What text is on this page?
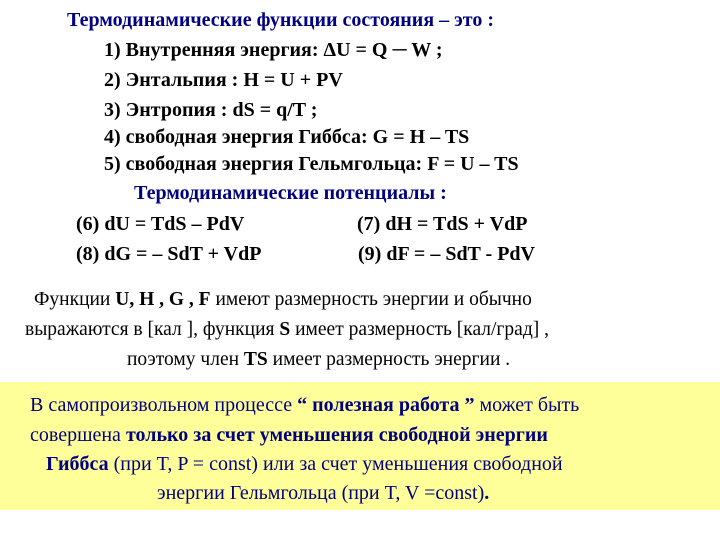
Термодинамические функции состояния – это :
1) Внутренняя энергия: ΔU = Q ─ W ;
2) Энтальпия : H = U + PV
3) Энтропия : dS = q/T ;
4) свободная энергия Гиббса: G = H – TS
5) свободная энергия Гельмгольца: F = U – TS
Термодинамические потенциалы :
(6) dU = TdS – PdV	(7) dH = TdS + VdP
(8) dG = – SdT + VdP	(9) dF = – SdT - PdV
Функции U, H , G , F имеют размерность энергии и обычно
выражаются в [кал ], функция S имеет размерность [кал/град] ,
поэтому член TS имеет размерность энергии .
В самопроизвольном процессе “ полезная работа ” может быть
совершена только за счет уменьшения свободной энергии
Гиббса (при T, P = const) или за счет уменьшения свободной
энергии Гельмгольца (при T, V =const).
